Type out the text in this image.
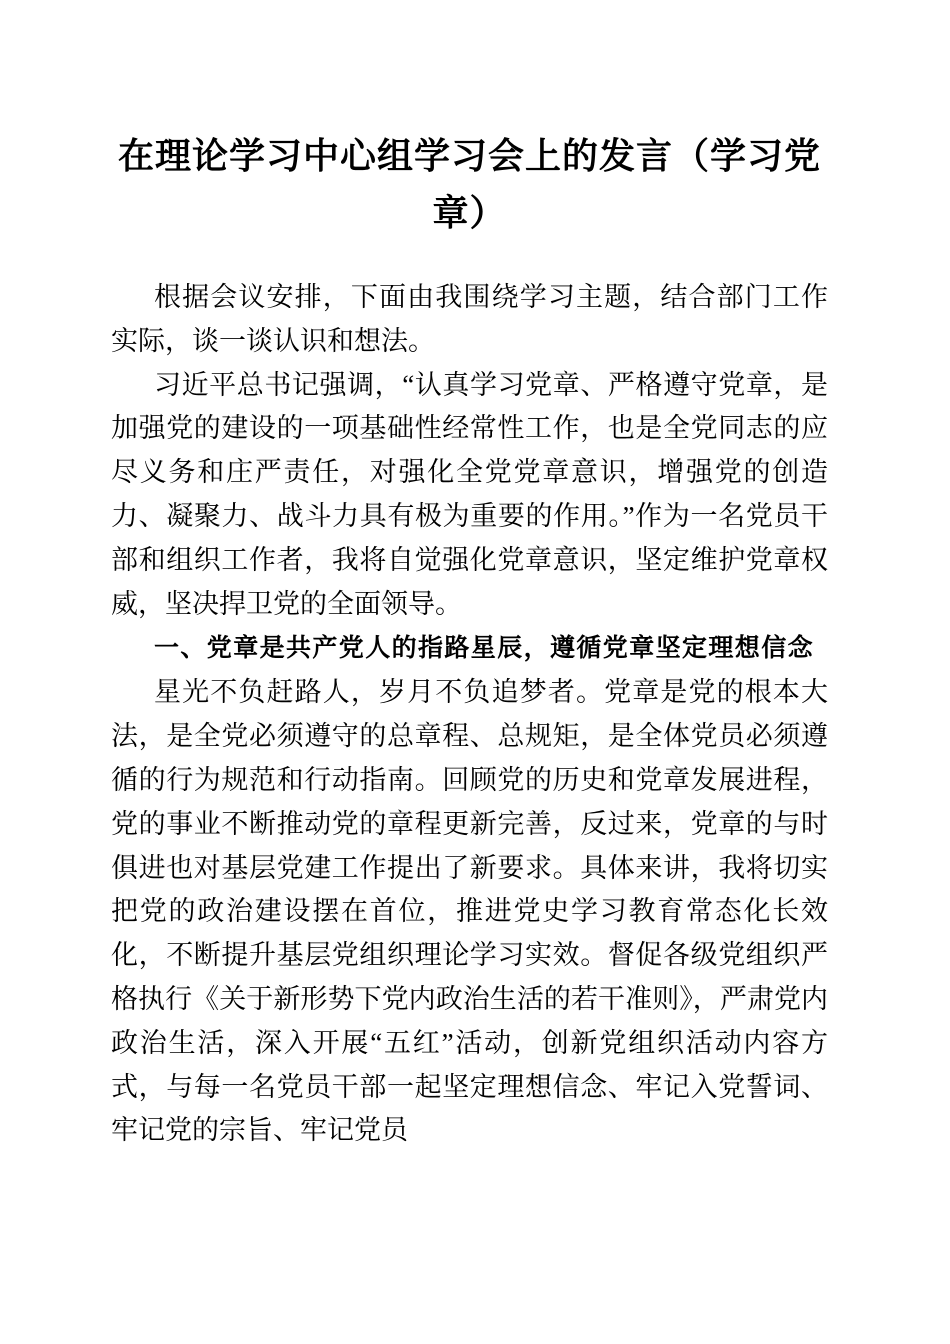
在理论学习中心组学习会上的发言（学习党章）

根据会议安排，下面由我围绕学习主题，结合部门工作实际，谈一谈认识和想法。

习近平总书记强调，“认真学习党章、严格遵守党章，是加强党的建设的一项基础性经常性工作，也是全党同志的应尽义务和庄严责任，对强化全党党章意识，增强党的创造力、凝聚力、战斗力具有极为重要的作用。”作为一名党员干部和组织工作者，我将自觉强化党章意识，坚定维护党章权威，坚决捍卫党的全面领导。

一、党章是共产党人的指路星辰，遵循党章坚定理想信念

星光不负赶路人，岁月不负追梦者。党章是党的根本大法，是全党必须遵守的总章程、总规矩，是全体党员必须遵循的行为规范和行动指南。回顾党的历史和党章发展进程，党的事业不断推动党的章程更新完善，反过来，党章的与时俱进也对基层党建工作提出了新要求。具体来讲，我将切实把党的政治建设摆在首位，推进党史学习教育常态化长效化，不断提升基层党组织理论学习实效。督促各级党组织严格执行《关于新形势下党内政治生活的若干准则》，严肃党内政治生活，深入开展“五红”活动，创新党组织活动内容方式，与每一名党员干部一起坚定理想信念、牢记入党誓词、牢记党的宗旨、牢记党员
